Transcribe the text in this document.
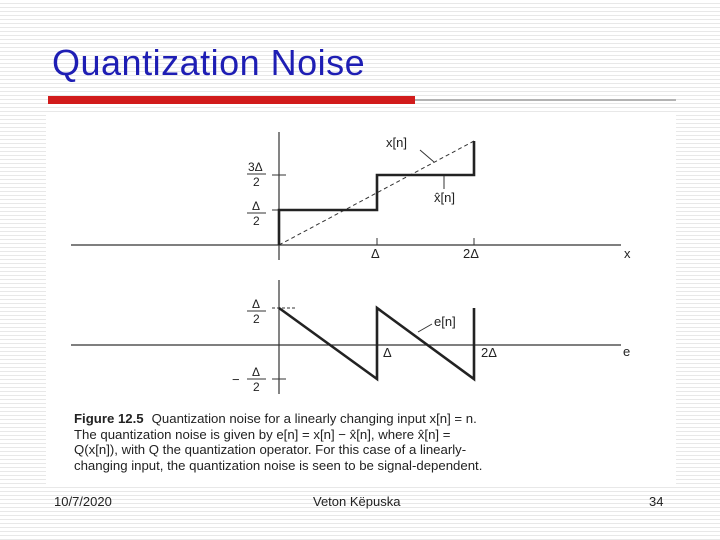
Quantization Noise
x[n]
x̂[n]
x
Δ	2Δ
3Δ
2
Δ
2
e[n]
e
Δ	2Δ
Δ
2
− Δ
2
Figure 12.5 Quantization noise for a linearly changing input x[n] = n.
The quantization noise is given by e[n] = x[n] − x̂[n], where x̂[n] =
Q(x[n]), with Q the quantization operator. For this case of a linearly-
changing input, the quantization noise is seen to be signal-dependent.
10/7/2020	Veton Këpuska	34
